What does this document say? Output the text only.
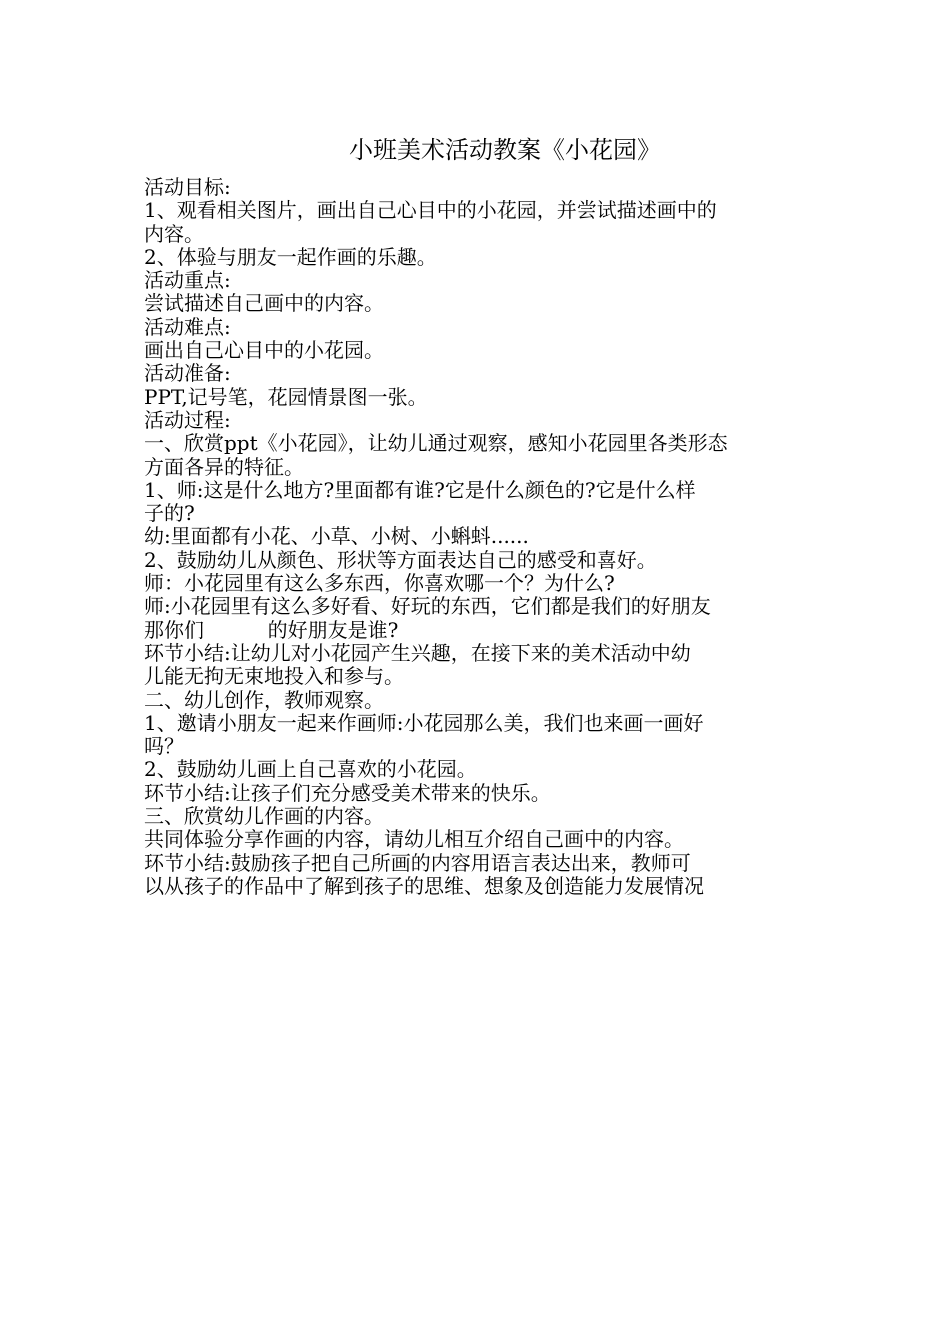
小班美术活动教案《小花园》
活动目标:
1、观看相关图片，画出自己心目中的小花园，并尝试描述画中的
内容。
2、体验与朋友一起作画的乐趣。
活动重点:
尝试描述自己画中的内容。
活动难点:
画出自己心目中的小花园。
活动准备:
PPT,记号笔，花园情景图一张。
活动过程:
一、欣赏ppt《小花园》，让幼儿通过观察，感知小花园里各类形态
方面各异的特征。
1、师:这是什么地方?里面都有谁?它是什么颜色的?它是什么样
子的?
幼:里面都有小花、小草、小树、小蝌蚪......
2、鼓励幼儿从颜色、形状等方面表达自己的感受和喜好。
师：小花园里有这么多东西，你喜欢哪一个？为什么?
师:小花园里有这么多好看、好玩的东西，它们都是我们的好朋友
那你们          的好朋友是谁?
环节小结:让幼儿对小花园产生兴趣，在接下来的美术活动中幼
儿能无拘无束地投入和参与。
二、幼儿创作，教师观察。
1、邀请小朋友一起来作画师:小花园那么美，我们也来画一画好
吗？
2、鼓励幼儿画上自己喜欢的小花园。
环节小结:让孩子们充分感受美术带来的快乐。
三、欣赏幼儿作画的内容。
共同体验分享作画的内容，请幼儿相互介绍自己画中的内容。
环节小结:鼓励孩子把自己所画的内容用语言表达出来，教师可
以从孩子的作品中了解到孩子的思维、想象及创造能力发展情况
